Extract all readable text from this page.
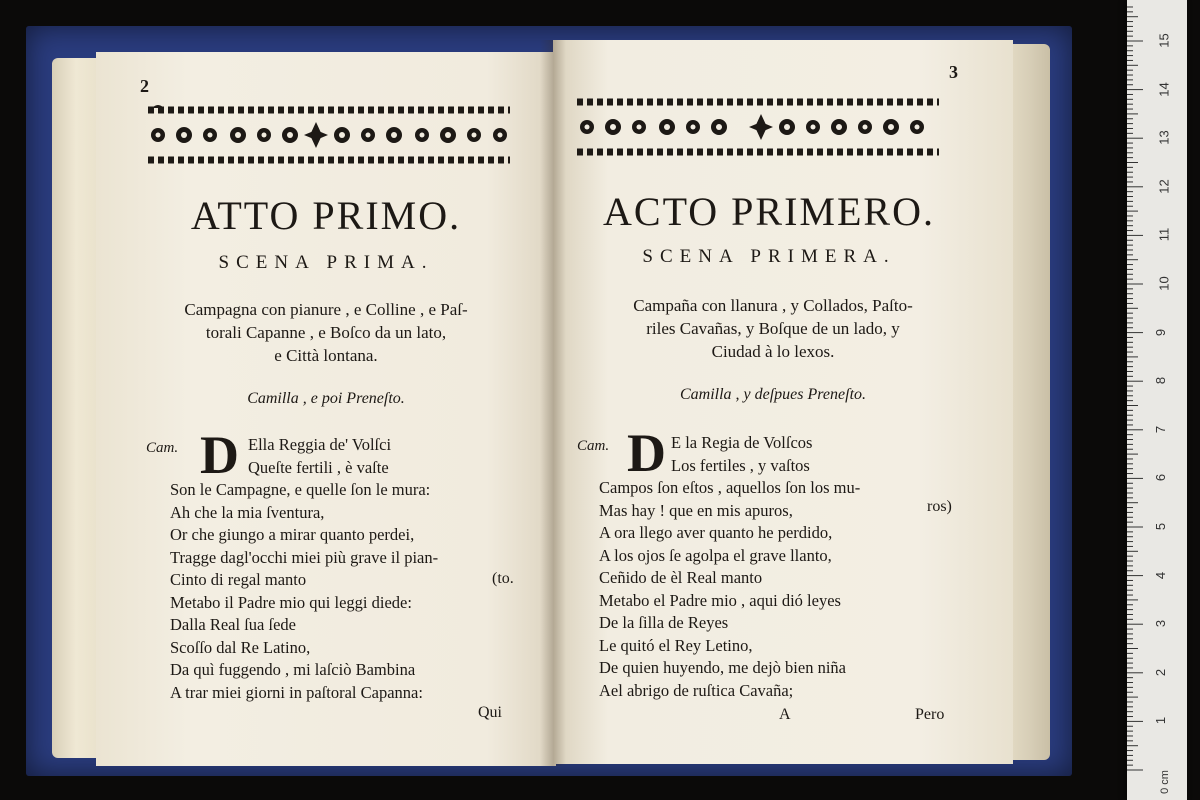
2
ATTO PRIMO.
SCENA PRIMA.
Campagna con pianure , e Colline , e Paſ-
torali Capanne , e Boſco da un lato,
e Città lontana.
Camilla , e poi Preneſto.
Cam. D Ella Reggia de' Volſci
Queſte fertili , è vaſte
Son le Campagne, e quelle ſon le mura:
Ah che la mia ſventura,
Or che giungo a mirar quanto perdei,
Tragge dagl'occhi miei più grave il pian-
Cinto di regal manto
Metabo il Padre mio qui leggi diede:
Dalla Real ſua ſede
Scoſſo dal Re Latino,
Da quì fuggendo , mi laſciò Bambina
A trar miei giorni in paſtoral Capanna:
(to.
Qui
3
ACTO PRIMERO.
SCENA PRIMERA.
Campaña con llanura , y Collados, Paſto-
riles Cavañas, y Boſque de un lado, y
Ciudad à lo lexos.
Camilla , y deſpues Preneſto.
Cam. D E la Regia de Volſcos
Los fertiles , y vaſtos
Campos ſon eſtos , aquellos ſon los mu-
Mas hay ! que en mis apuros,
A ora llego aver quanto he perdido,
A los ojos ſe agolpa el grave llanto,
Ceñido de èl Real manto
Metabo el Padre mio , aqui dió leyes
De la ſilla de Reyes
Le quitó el Rey Letino,
De quien huyendo, me dejò bien niña
Ael abrigo de ruſtica Cavaña;
ros)
A	Pero	1
2
3
4
5
6
7
8
9
10
11
12
13
14
15
0 cm
